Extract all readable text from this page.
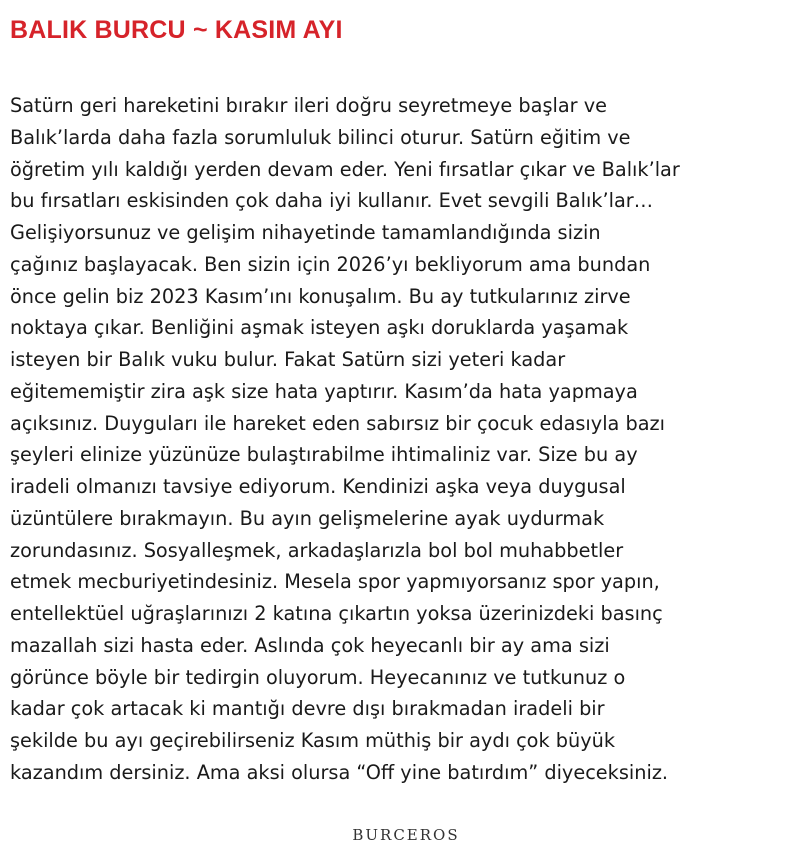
BALIK BURCU ~ KASIM AYI
Satürn geri hareketini bırakır ileri doğru seyretmeye başlar ve
Balık’larda daha fazla sorumluluk bilinci oturur. Satürn eğitim ve
öğretim yılı kaldığı yerden devam eder. Yeni fırsatlar çıkar ve Balık’lar
bu fırsatları eskisinden çok daha iyi kullanır. Evet sevgili Balık’lar…
Gelişiyorsunuz ve gelişim nihayetinde tamamlandığında sizin
çağınız başlayacak. Ben sizin için 2026’yı bekliyorum ama bundan
önce gelin biz 2023 Kasım’ını konuşalım. Bu ay tutkularınız zirve
noktaya çıkar. Benliğini aşmak isteyen aşkı doruklarda yaşamak
isteyen bir Balık vuku bulur. Fakat Satürn sizi yeteri kadar
eğitememiştir zira aşk size hata yaptırır. Kasım’da hata yapmaya
açıksınız. Duyguları ile hareket eden sabırsız bir çocuk edasıyla bazı
şeyleri elinize yüzünüze bulaştırabilme ihtimaliniz var. Size bu ay
iradeli olmanızı tavsiye ediyorum. Kendinizi aşka veya duygusal
üzüntülere bırakmayın. Bu ayın gelişmelerine ayak uydurmak
zorundasınız. Sosyalleşmek, arkadaşlarızla bol bol muhabbetler
etmek mecburiyetindesiniz. Mesela spor yapmıyorsanız spor yapın,
entellektüel uğraşlarınızı 2 katına çıkartın yoksa üzerinizdeki basınç
mazallah sizi hasta eder. Aslında çok heyecanlı bir ay ama sizi
görünce böyle bir tedirgin oluyorum. Heyecanınız ve tutkunuz o
kadar çok artacak ki mantığı devre dışı bırakmadan iradeli bir
şekilde bu ayı geçirebilirseniz Kasım müthiş bir aydı çok büyük
kazandım dersiniz. Ama aksi olursa “Off yine batırdım” diyeceksiniz.
BURCEROS
